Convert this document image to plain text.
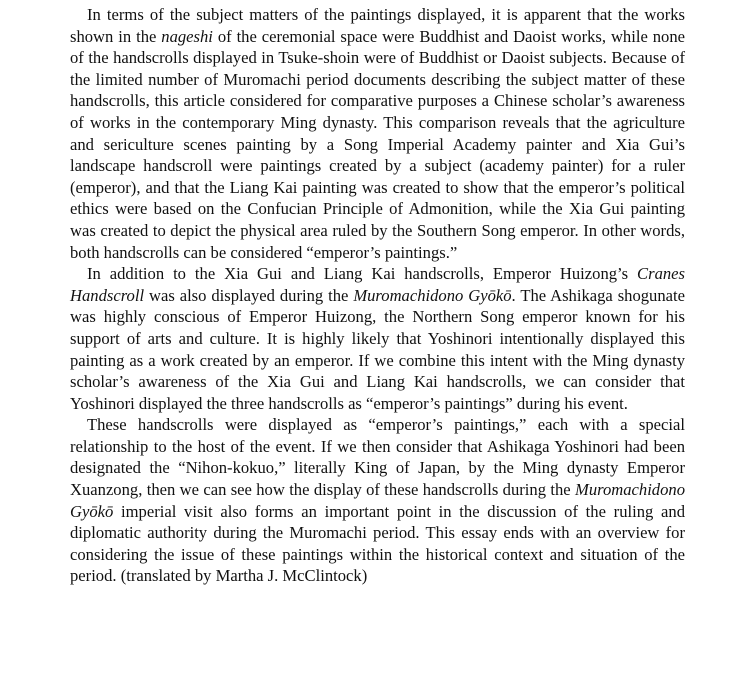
In terms of the subject matters of the paintings displayed, it is apparent that the works shown in the nageshi of the ceremonial space were Buddhist and Daoist works, while none of the handscrolls displayed in Tsuke-shoin were of Buddhist or Daoist subjects. Because of the limited number of Muromachi period documents describing the subject matter of these handscrolls, this article considered for comparative purposes a Chinese scholar’s awareness of works in the contemporary Ming dynasty. This comparison reveals that the agriculture and sericulture scenes painting by a Song Imperial Academy painter and Xia Gui’s landscape handscroll were paintings created by a subject (academy painter) for a ruler (emperor), and that the Liang Kai painting was created to show that the emperor’s political ethics were based on the Confucian Principle of Admonition, while the Xia Gui painting was created to depict the physical area ruled by the Southern Song emperor. In other words, both handscrolls can be considered “emperor’s paintings.”

In addition to the Xia Gui and Liang Kai handscrolls, Emperor Huizong’s Cranes Handscroll was also displayed during the Muromachidono Gyōkō. The Ashikaga shogunate was highly conscious of Emperor Huizong, the Northern Song emperor known for his support of arts and culture. It is highly likely that Yoshinori intentionally displayed this painting as a work created by an emperor. If we combine this intent with the Ming dynasty scholar’s awareness of the Xia Gui and Liang Kai handscrolls, we can consider that Yoshinori displayed the three handscrolls as “emperor’s paintings” during his event.

These handscrolls were displayed as “emperor’s paintings,” each with a special relationship to the host of the event. If we then consider that Ashikaga Yoshinori had been designated the “Nihon-kokuo,” literally King of Japan, by the Ming dynasty Emperor Xuanzong, then we can see how the display of these handscrolls during the Muromachidono Gyōkō imperial visit also forms an important point in the discussion of the ruling and diplomatic authority during the Muromachi period. This essay ends with an overview for considering the issue of these paintings within the historical context and situation of the period. (translated by Martha J. McClintock)
